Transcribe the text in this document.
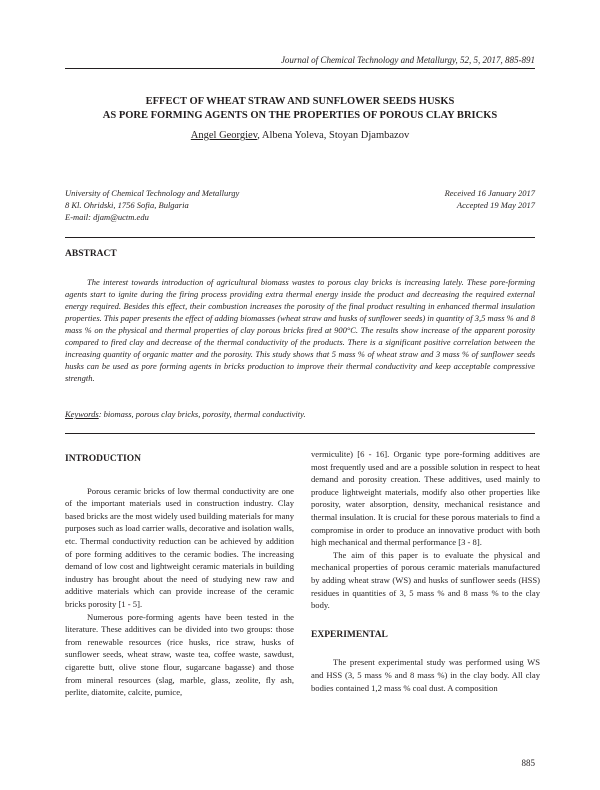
Journal of Chemical Technology and Metallurgy, 52, 5, 2017, 885-891
EFFECT OF WHEAT STRAW AND SUNFLOWER SEEDS HUSKS
AS PORE FORMING AGENTS ON THE PROPERTIES OF POROUS CLAY BRICKS
Angel Georgiev, Albena Yoleva, Stoyan Djambazov
University of Chemical Technology and Metallurgy
8 Kl. Ohridski, 1756 Sofia, Bulgaria
E-mail: djam@uctm.edu
Received 16 January 2017
Accepted 19 May 2017
ABSTRACT

The interest towards introduction of agricultural biomass wastes to porous clay bricks is increasing lately. These pore-forming agents start to ignite during the firing process providing extra thermal energy inside the product and decreasing the required external energy required. Besides this effect, their combustion increases the porosity of the final product resulting in enhanced thermal insulation properties. This paper presents the effect of adding biomasses (wheat straw and husks of sunflower seeds) in quantity of 3,5 mass % and 8 mass % on the physical and thermal properties of clay porous bricks fired at 900°C. The results show increase of the apparent porosity compared to fired clay and decrease of the thermal conductivity of the products. There is a significant positive correlation between the increasing quantity of organic matter and the porosity. This study shows that 5 mass % of wheat straw and 3 mass % of sunflower seeds husks can be used as pore forming agents in bricks production to improve their thermal conductivity and keep acceptable compressive strength.

Keywords: biomass, porous clay bricks, porosity, thermal conductivity.
INTRODUCTION

Porous ceramic bricks of low thermal conductivity are one of the important materials used in construction industry. Clay based bricks are the most widely used building materials for many purposes such as load carrier walls, decorative and isolation walls, etc. Thermal conductivity reduction can be achieved by addition of pore forming additives to the ceramic bodies. The increasing demand of low cost and lightweight ceramic materials in building industry has brought about the need of studying new raw and additive materials which can provide increase of the ceramic bricks porosity [1 - 5].

Numerous pore-forming agents have been tested in the literature. These additives can be divided into two groups: those from renewable resources (rice husks, rice straw, husks of sunflower seeds, wheat straw, waste tea, coffee waste, sawdust, cigarette butt, olive stone flour, sugarcane bagasse) and those from mineral resources (slag, marble, glass, zeolite, fly ash, perlite, diatomite, calcite, pumice,

vermiculite) [6 - 16]. Organic type pore-forming additives are most frequently used and are a possible solution in respect to heat demand and porosity creation. These additives, used mainly to produce lightweight materials, modify also other properties like porosity, water absorption, density, mechanical resistance and thermal insulation. It is crucial for these porous materials to find a compromise in order to produce an innovative product with both high mechanical and thermal performance [3 - 8].

The aim of this paper is to evaluate the physical and mechanical properties of porous ceramic materials manufactured by adding wheat straw (WS) and husks of sunflower seeds (HSS) residues in quantities of 3, 5 mass % and 8 mass % to the clay body.

EXPERIMENTAL

The present experimental study was performed using WS and HSS (3, 5 mass % and 8 mass %) in the clay body. All clay bodies contained 1,2 mass % coal dust. A composition

885
